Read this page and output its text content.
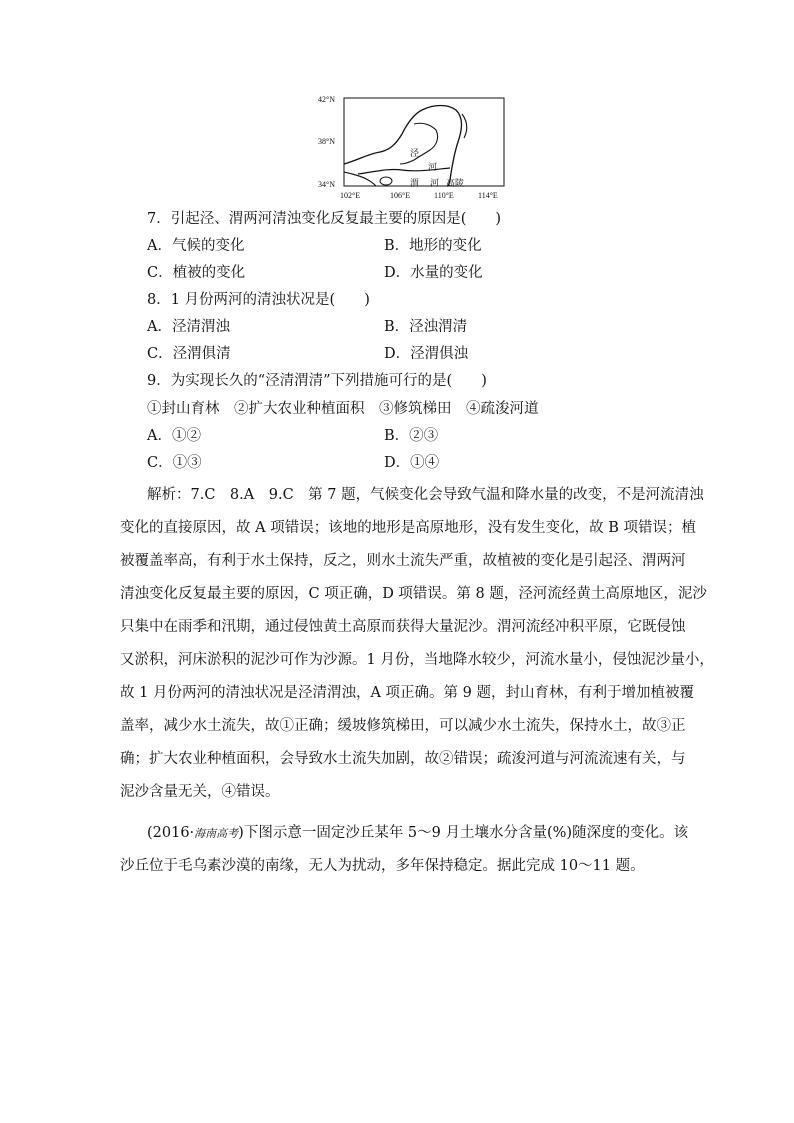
42°N
38°N
34°N
102°E	106°E	110°E	114°E
泾
河
渭 河 高陵
7．引起泾、渭两河清浊变化反复最主要的原因是(　　)
A．气候的变化	B．地形的变化
C．植被的变化	D．水量的变化
8．1 月份两河的清浊状况是(　　)
A．泾清渭浊	B．泾浊渭清
C．泾渭俱清	D．泾渭俱浊
9．为实现长久的“泾清渭清”下列措施可行的是(　　)
①封山育林　②扩大农业种植面积　③修筑梯田　④疏浚河道
A．①②	B．②③
C．①③	D．①④
解析：7.C　8.A　9.C　第 7 题，气候变化会导致气温和降水量的改变，不是河流清浊
变化的直接原因，故 A 项错误；该地的地形是高原地形，没有发生变化，故 B 项错误；植
被覆盖率高，有利于水土保持，反之，则水土流失严重，故植被的变化是引起泾、渭两河
清浊变化反复最主要的原因，C 项正确，D 项错误。第 8 题，泾河流经黄土高原地区，泥沙
只集中在雨季和汛期，通过侵蚀黄土高原而获得大量泥沙。渭河流经冲积平原，它既侵蚀
又淤积，河床淤积的泥沙可作为沙源。1 月份，当地降水较少，河流水量小，侵蚀泥沙量小，
故 1 月份两河的清浊状况是泾清渭浊，A 项正确。第 9 题，封山育林，有利于增加植被覆
盖率，减少水土流失，故①正确；缓坡修筑梯田，可以减少水土流失，保持水土，故③正
确；扩大农业种植面积，会导致水土流失加剧，故②错误；疏浚河道与河流流速有关，与
泥沙含量无关，④错误。
(2016·海南高考)下图示意一固定沙丘某年 5～9 月土壤水分含量(%)随深度的变化。该
沙丘位于毛乌素沙漠的南缘，无人为扰动，多年保持稳定。据此完成 10～11 题。
